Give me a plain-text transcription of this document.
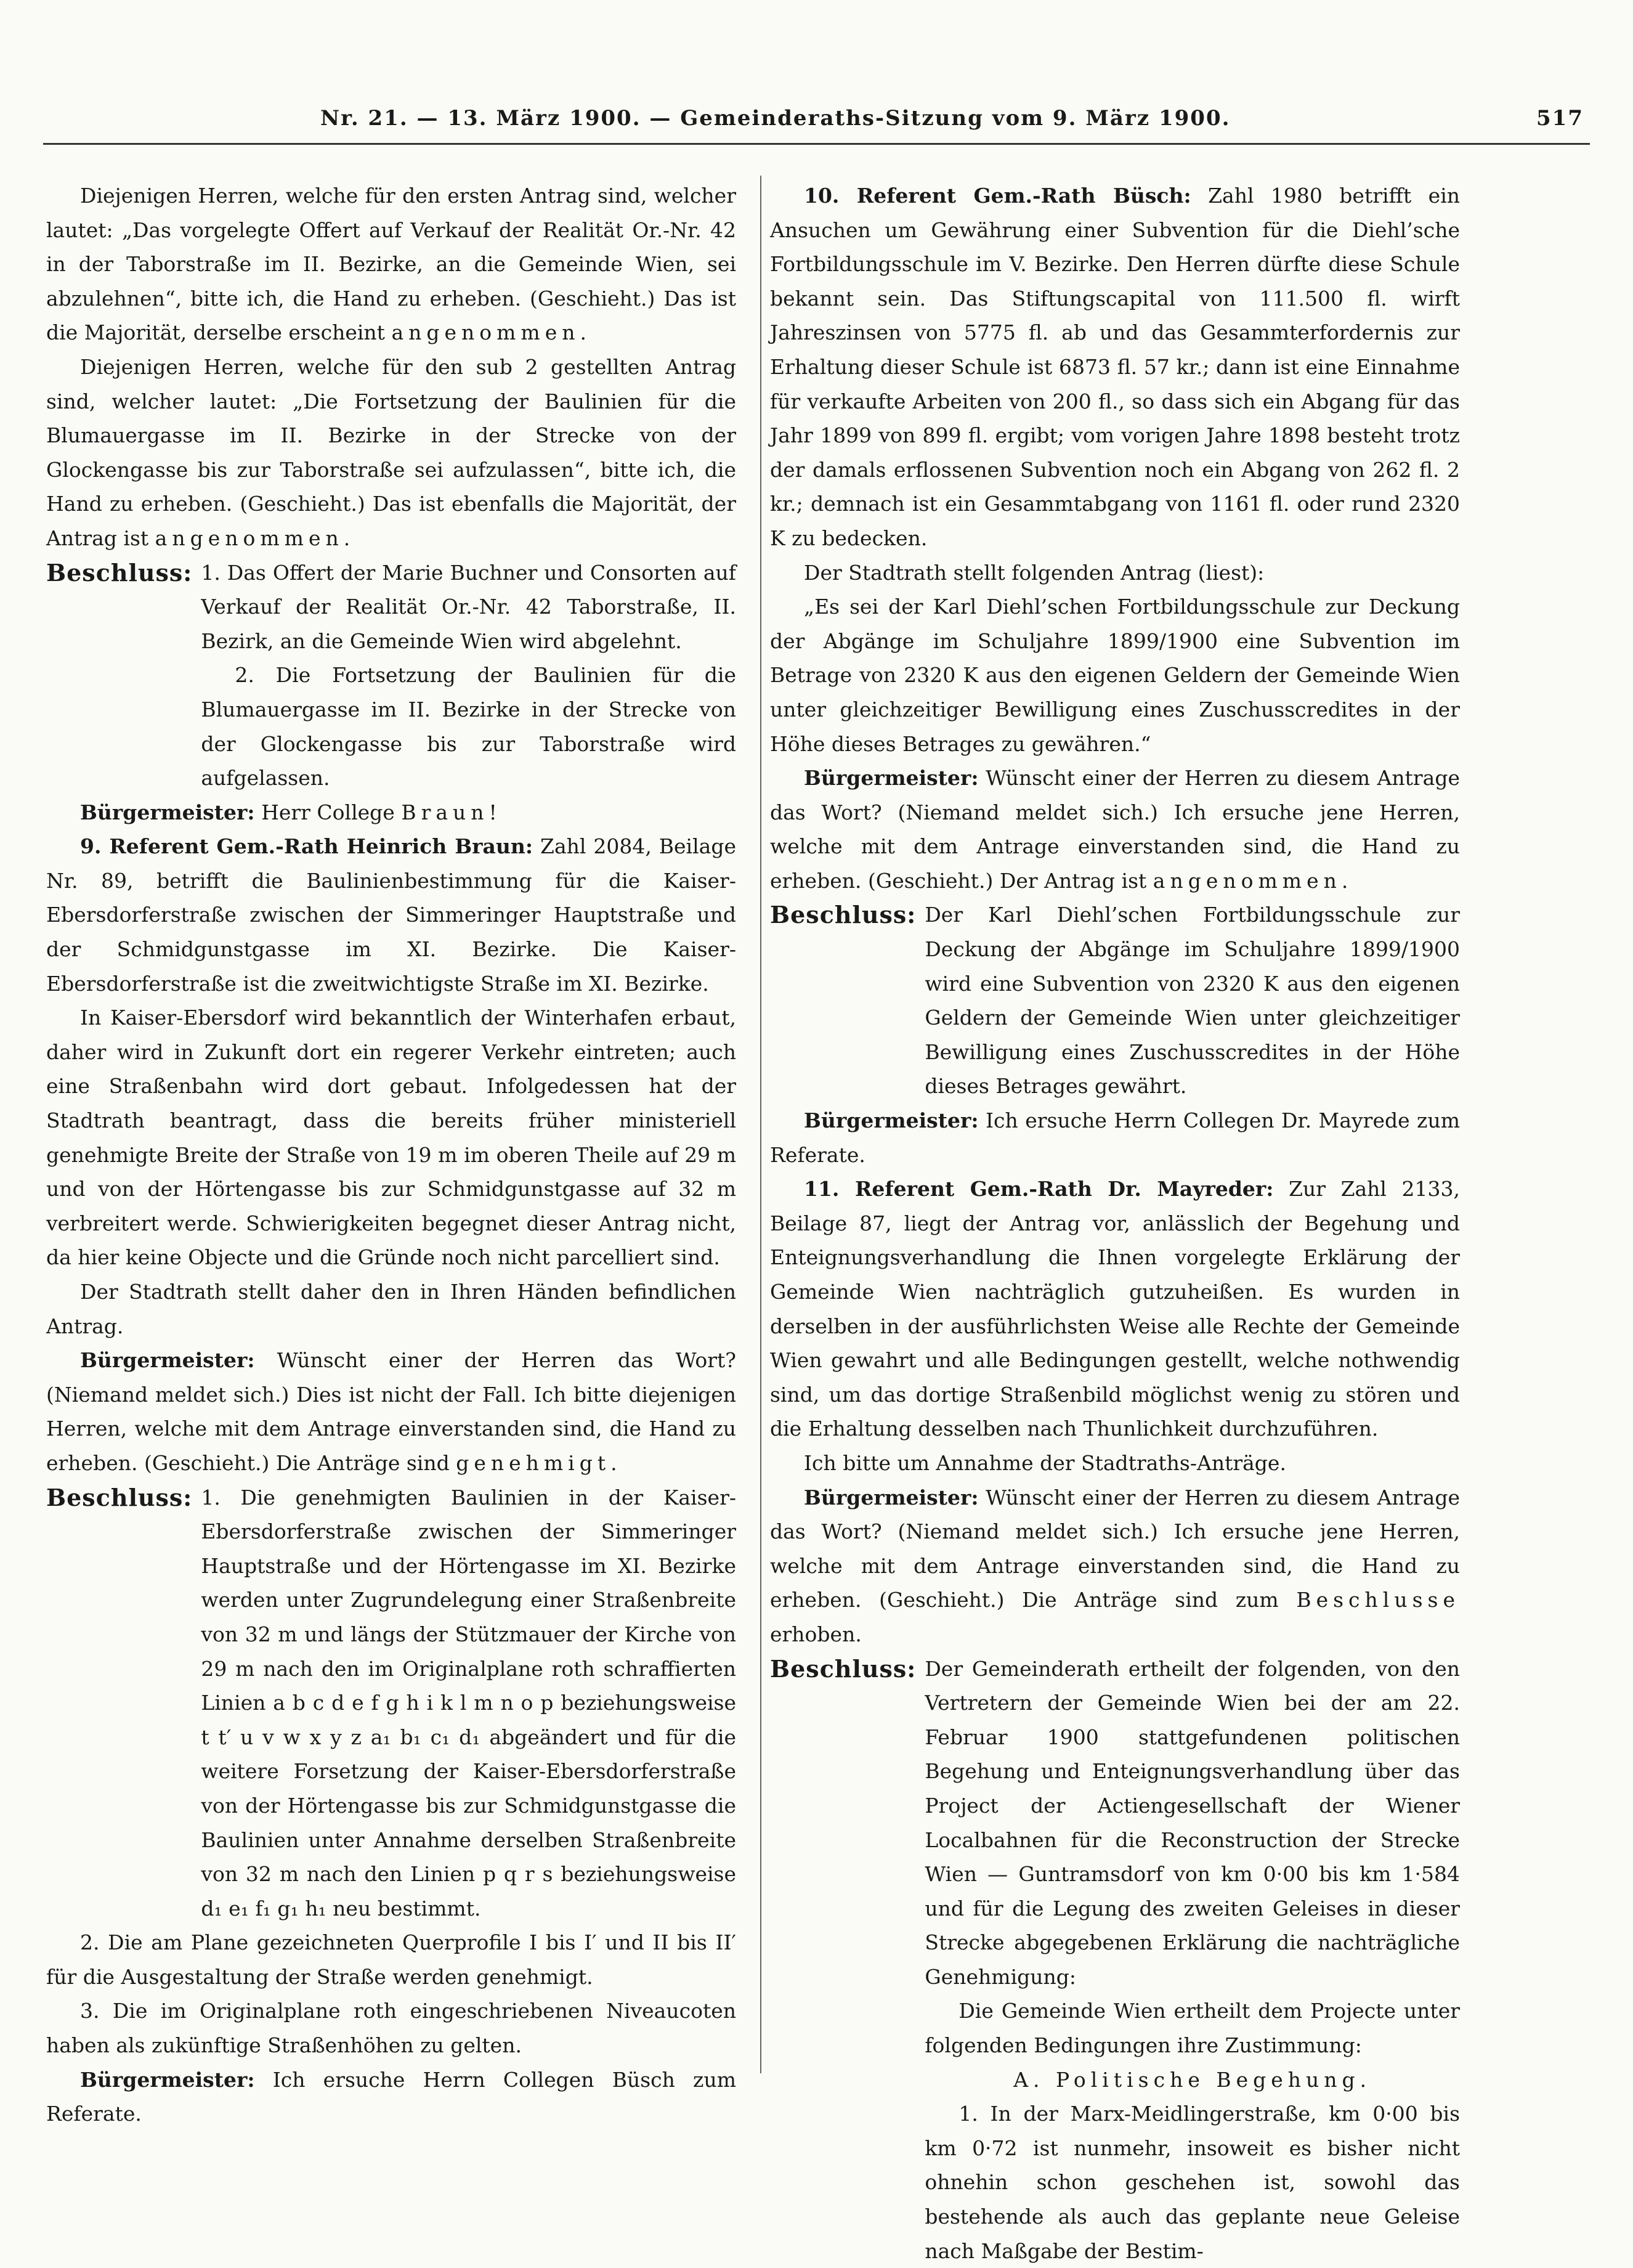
Nr. 21. — 13. März 1900. — Gemeinderaths-Sitzung vom 9. März 1900.	517

Diejenigen Herren, welche für den ersten Antrag sind, welcher lautet: „Das vorgelegte Offert auf Verkauf der Realität Or.-Nr. 42 in der Taborstraße im II. Bezirke, an die Gemeinde Wien, sei abzulehnen“, bitte ich, die Hand zu erheben. (Geschieht.) Das ist die Majorität, derselbe erscheint angenommen.

Diejenigen Herren, welche für den sub 2 gestellten Antrag sind, welcher lautet: „Die Fortsetzung der Baulinien für die Blumauergasse im II. Bezirke in der Strecke von der Glockengasse bis zur Taborstraße sei aufzulassen“, bitte ich, die Hand zu erheben. (Geschieht.) Das ist ebenfalls die Majorität, der Antrag ist angenommen.

Beschluss: 1. Das Offert der Marie Buchner und Consorten auf Verkauf der Realität Or.-Nr. 42 Taborstraße, II. Bezirk, an die Gemeinde Wien wird abgelehnt.

2. Die Fortsetzung der Baulinien für die Blumauergasse im II. Bezirke in der Strecke von der Glockengasse bis zur Taborstraße wird aufgelassen.

Bürgermeister: Herr College Braun!

9. Referent Gem.-Rath Heinrich Braun: Zahl 2084, Beilage Nr. 89, betrifft die Baulinienbestimmung für die Kaiser-Ebersdorferstraße zwischen der Simmeringer Hauptstraße und der Schmidgunstgasse im XI. Bezirke. Die Kaiser-Ebersdorferstraße ist die zweitwichtigste Straße im XI. Bezirke.

In Kaiser-Ebersdorf wird bekanntlich der Winterhafen erbaut, daher wird in Zukunft dort ein regerer Verkehr eintreten; auch eine Straßenbahn wird dort gebaut. Infolgedessen hat der Stadtrath beantragt, dass die bereits früher ministeriell genehmigte Breite der Straße von 19 m im oberen Theile auf 29 m und von der Hörtengasse bis zur Schmidgunstgasse auf 32 m verbreitert werde. Schwierigkeiten begegnet dieser Antrag nicht, da hier keine Objecte und die Gründe noch nicht parcelliert sind.

Der Stadtrath stellt daher den in Ihren Händen befindlichen Antrag.

Bürgermeister: Wünscht einer der Herren das Wort? (Niemand meldet sich.) Dies ist nicht der Fall. Ich bitte diejenigen Herren, welche mit dem Antrage einverstanden sind, die Hand zu erheben. (Geschieht.) Die Anträge sind genehmigt.

Beschluss: 1. Die genehmigten Baulinien in der Kaiser-Ebersdorferstraße zwischen der Simmeringer Hauptstraße und der Hörtengasse im XI. Bezirke werden unter Zugrundelegung einer Straßenbreite von 32 m und längs der Stützmauer der Kirche von 29 m nach den im Originalplane roth schraffierten Linien a b c d e f g h i k l m n o p beziehungsweise t t′ u v w x y z a₁ b₁ c₁ d₁ abgeändert und für die weitere Forsetzung der Kaiser-Ebersdorferstraße von der Hörtengasse bis zur Schmidgunstgasse die Baulinien unter Annahme derselben Straßenbreite von 32 m nach den Linien p q r s beziehungsweise d₁ e₁ f₁ g₁ h₁ neu bestimmt.

2. Die am Plane gezeichneten Querprofile I bis I′ und II bis II′ für die Ausgestaltung der Straße werden genehmigt.

3. Die im Originalplane roth eingeschriebenen Niveaucoten haben als zukünftige Straßenhöhen zu gelten.

Bürgermeister: Ich ersuche Herrn Collegen Büsch zum Referate.

10. Referent Gem.-Rath Büsch: Zahl 1980 betrifft ein Ansuchen um Gewährung einer Subvention für die Diehl’sche Fortbildungsschule im V. Bezirke. Den Herren dürfte diese Schule bekannt sein. Das Stiftungscapital von 111.500 fl. wirft Jahreszinsen von 5775 fl. ab und das Gesammterfordernis zur Erhaltung dieser Schule ist 6873 fl. 57 kr.; dann ist eine Einnahme für verkaufte Arbeiten von 200 fl., so dass sich ein Abgang für das Jahr 1899 von 899 fl. ergibt; vom vorigen Jahre 1898 besteht trotz der damals erflossenen Subvention noch ein Abgang von 262 fl. 2 kr.; demnach ist ein Gesammtabgang von 1161 fl. oder rund 2320 K zu bedecken.

Der Stadtrath stellt folgenden Antrag (liest):

„Es sei der Karl Diehl’schen Fortbildungsschule zur Deckung der Abgänge im Schuljahre 1899/1900 eine Subvention im Betrage von 2320 K aus den eigenen Geldern der Gemeinde Wien unter gleichzeitiger Bewilligung eines Zuschusscredites in der Höhe dieses Betrages zu gewähren.“

Bürgermeister: Wünscht einer der Herren zu diesem Antrage das Wort? (Niemand meldet sich.) Ich ersuche jene Herren, welche mit dem Antrage einverstanden sind, die Hand zu erheben. (Geschieht.) Der Antrag ist angenommen.

Beschluss: Der Karl Diehl’schen Fortbildungsschule zur Deckung der Abgänge im Schuljahre 1899/1900 wird eine Subvention von 2320 K aus den eigenen Geldern der Gemeinde Wien unter gleichzeitiger Bewilligung eines Zuschusscredites in der Höhe dieses Betrages gewährt.

Bürgermeister: Ich ersuche Herrn Collegen Dr. Mayrede zum Referate.

11. Referent Gem.-Rath Dr. Mayreder: Zur Zahl 2133, Beilage 87, liegt der Antrag vor, anlässlich der Begehung und Enteignungsverhandlung die Ihnen vorgelegte Erklärung der Gemeinde Wien nachträglich gutzuheißen. Es wurden in derselben in der ausführlichsten Weise alle Rechte der Gemeinde Wien gewahrt und alle Bedingungen gestellt, welche nothwendig sind, um das dortige Straßenbild möglichst wenig zu stören und die Erhaltung desselben nach Thunlichkeit durchzuführen.

Ich bitte um Annahme der Stadtraths-Anträge.

Bürgermeister: Wünscht einer der Herren zu diesem Antrage das Wort? (Niemand meldet sich.) Ich ersuche jene Herren, welche mit dem Antrage einverstanden sind, die Hand zu erheben. (Geschieht.) Die Anträge sind zum Beschlusse erhoben.

Beschluss: Der Gemeinderath ertheilt der folgenden, von den Vertretern der Gemeinde Wien bei der am 22. Februar 1900 stattgefundenen politischen Begehung und Enteignungsverhandlung über das Project der Actiengesellschaft der Wiener Localbahnen für die Reconstruction der Strecke Wien — Guntramsdorf von km 0·00 bis km 1·584 und für die Legung des zweiten Geleises in dieser Strecke abgegebenen Erklärung die nachträgliche Genehmigung:

Die Gemeinde Wien ertheilt dem Projecte unter folgenden Bedingungen ihre Zustimmung:

A. Politische Begehung.

1. In der Marx-Meidlingerstraße, km 0·00 bis km 0·72 ist nunmehr, insoweit es bisher nicht ohnehin schon geschehen ist, sowohl das bestehende als auch das geplante neue Geleise nach Maßgabe der Bestim-
